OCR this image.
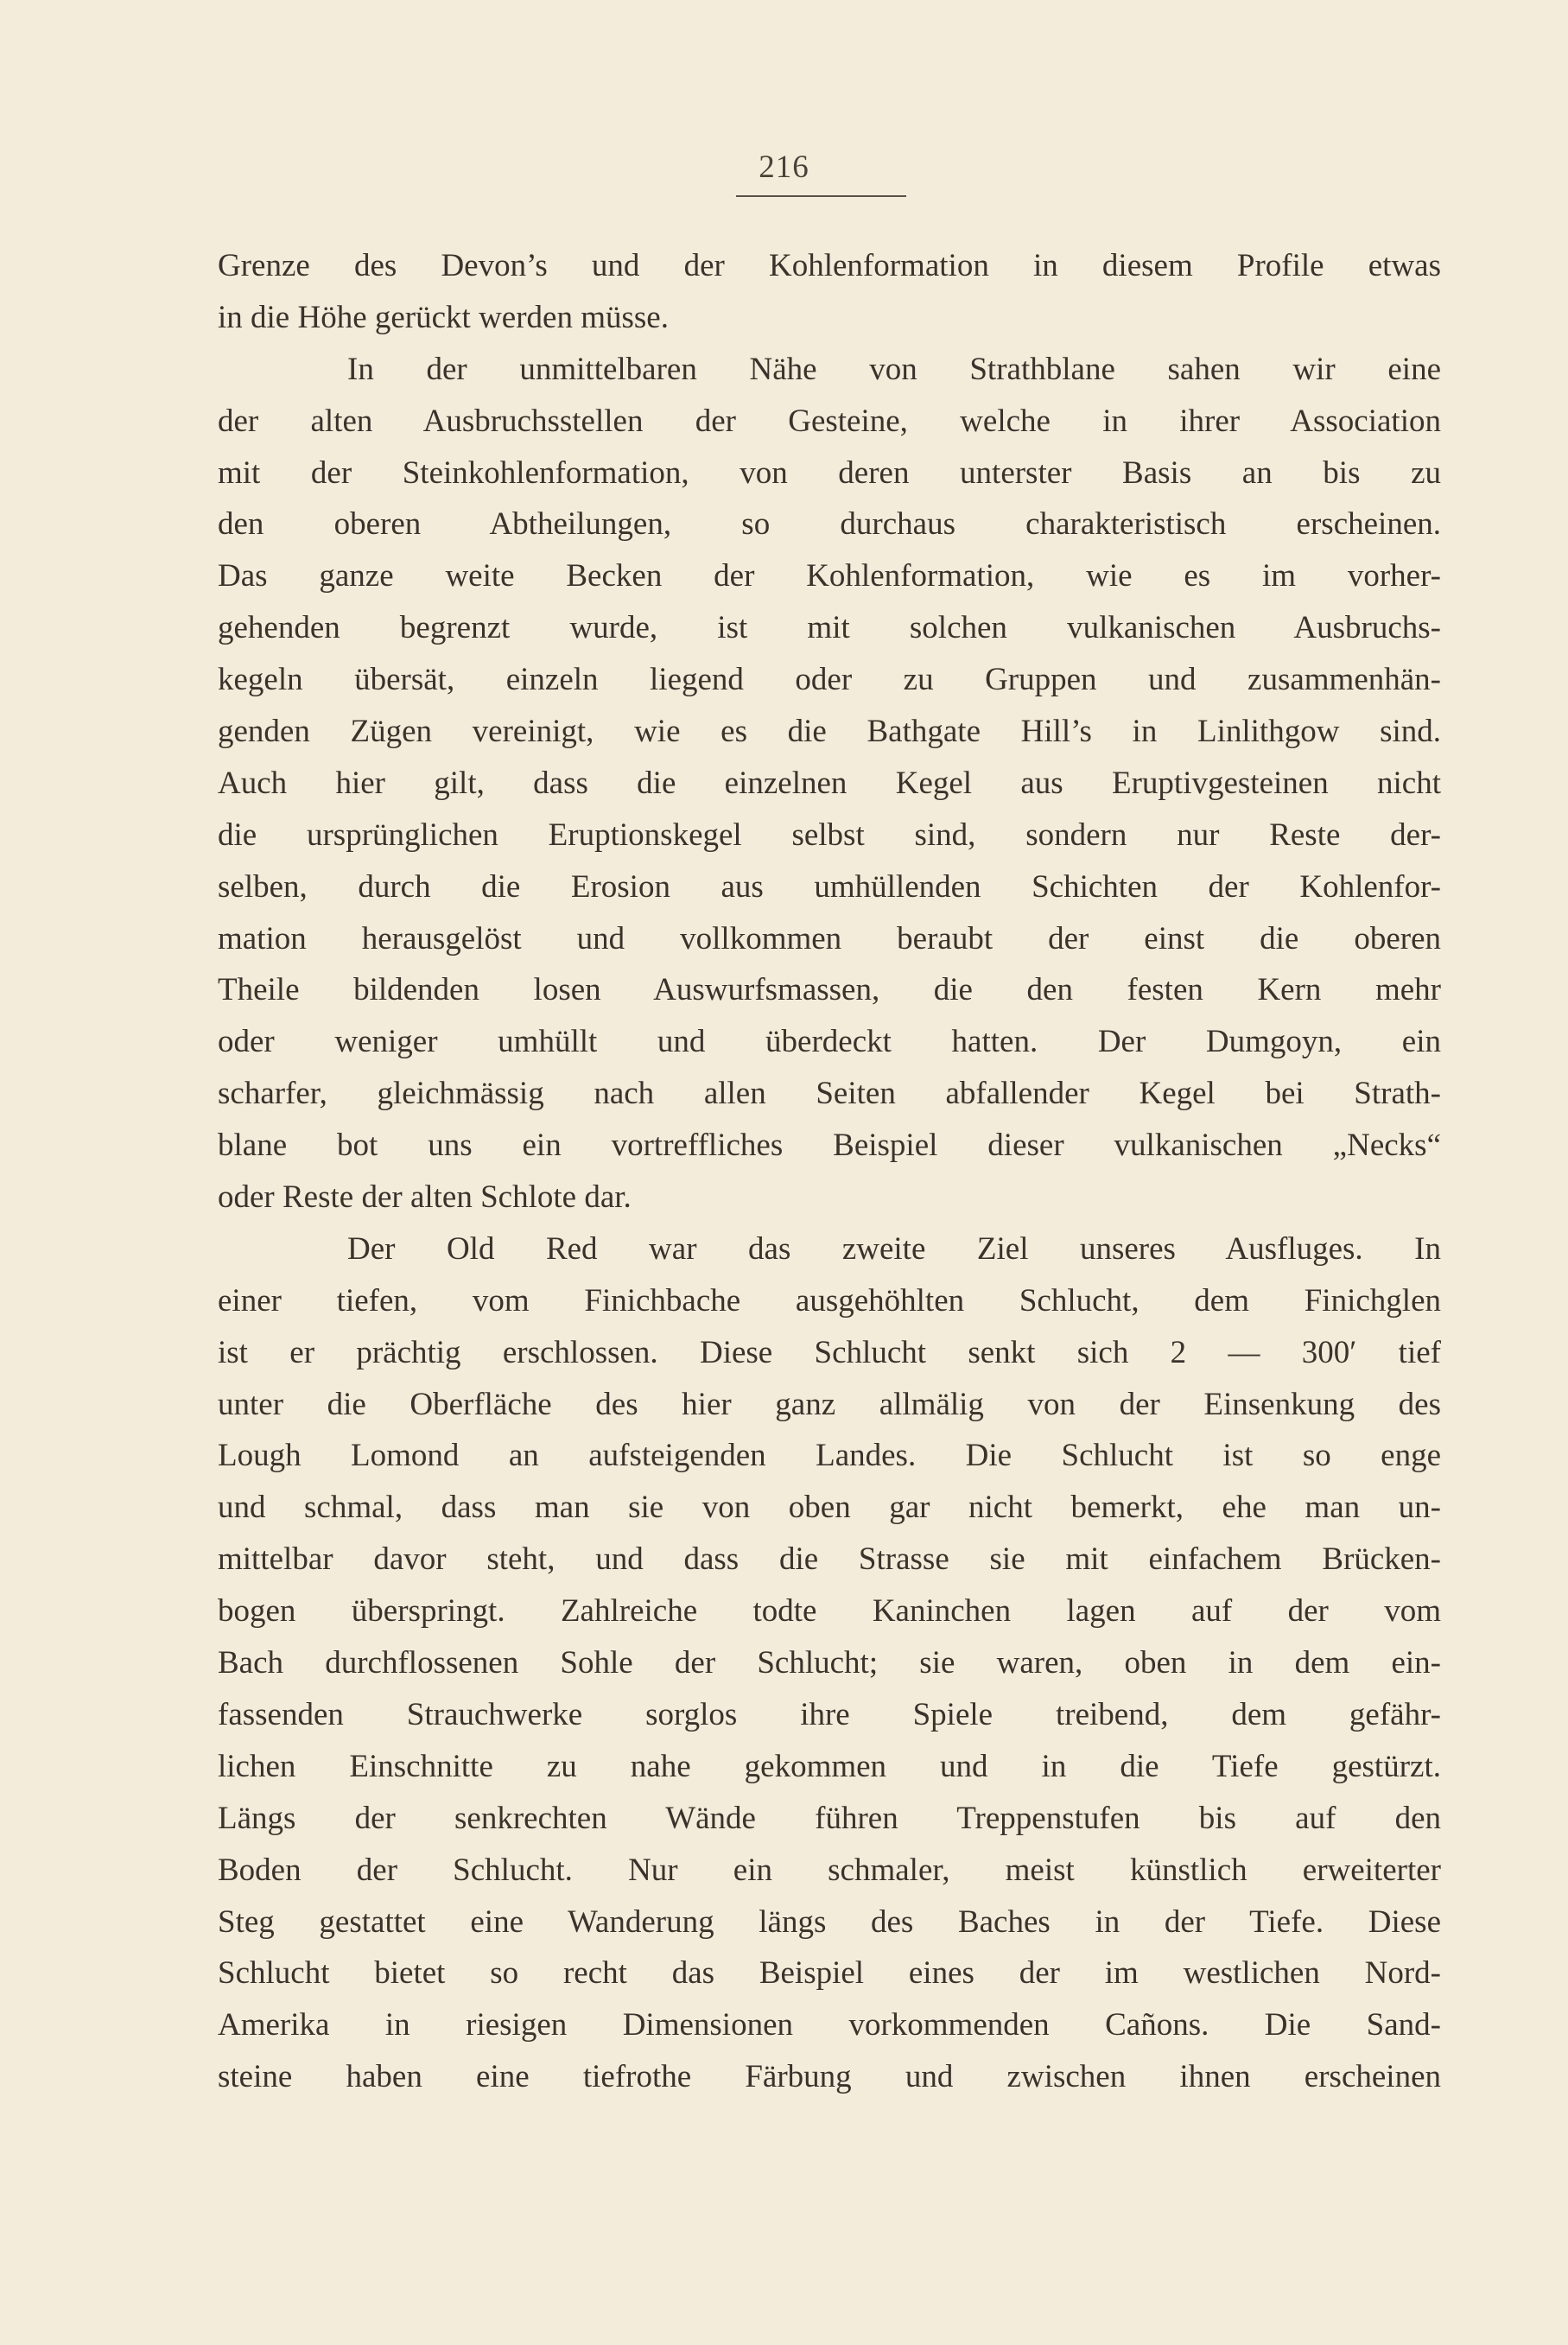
216
Grenze des Devon’s und der Kohlenformation in diesem Profile etwas
in die Höhe gerückt werden müsse.
In der unmittelbaren Nähe von Strathblane sahen wir eine
der alten Ausbruchsstellen der Gesteine, welche in ihrer Association
mit der Steinkohlenformation, von deren unterster Basis an bis zu
den oberen Abtheilungen, so durchaus charakteristisch erscheinen.
Das ganze weite Becken der Kohlenformation, wie es im vorher-
gehenden begrenzt wurde, ist mit solchen vulkanischen Ausbruchs-
kegeln übersät, einzeln liegend oder zu Gruppen und zusammenhän-
genden Zügen vereinigt, wie es die Bathgate Hill’s in Linlithgow sind.
Auch hier gilt, dass die einzelnen Kegel aus Eruptivgesteinen nicht
die ursprünglichen Eruptionskegel selbst sind, sondern nur Reste der-
selben, durch die Erosion aus umhüllenden Schichten der Kohlenfor-
mation herausgelöst und vollkommen beraubt der einst die oberen
Theile bildenden losen Auswurfsmassen, die den festen Kern mehr
oder weniger umhüllt und überdeckt hatten. Der Dumgoyn, ein
scharfer, gleichmässig nach allen Seiten abfallender Kegel bei Strath-
blane bot uns ein vortreffliches Beispiel dieser vulkanischen „Necks“
oder Reste der alten Schlote dar.
Der Old Red war das zweite Ziel unseres Ausfluges. In
einer tiefen, vom Finichbache ausgehöhlten Schlucht, dem Finichglen
ist er prächtig erschlossen. Diese Schlucht senkt sich 2 — 300′ tief
unter die Oberfläche des hier ganz allmälig von der Einsenkung des
Lough Lomond an aufsteigenden Landes. Die Schlucht ist so enge
und schmal, dass man sie von oben gar nicht bemerkt, ehe man un-
mittelbar davor steht, und dass die Strasse sie mit einfachem Brücken-
bogen überspringt. Zahlreiche todte Kaninchen lagen auf der vom
Bach durchflossenen Sohle der Schlucht; sie waren, oben in dem ein-
fassenden Strauchwerke sorglos ihre Spiele treibend, dem gefähr-
lichen Einschnitte zu nahe gekommen und in die Tiefe gestürzt.
Längs der senkrechten Wände führen Treppenstufen bis auf den
Boden der Schlucht. Nur ein schmaler, meist künstlich erweiterter
Steg gestattet eine Wanderung längs des Baches in der Tiefe. Diese
Schlucht bietet so recht das Beispiel eines der im westlichen Nord-
Amerika in riesigen Dimensionen vorkommenden Cañons. Die Sand-
steine haben eine tiefrothe Färbung und zwischen ihnen erscheinen
